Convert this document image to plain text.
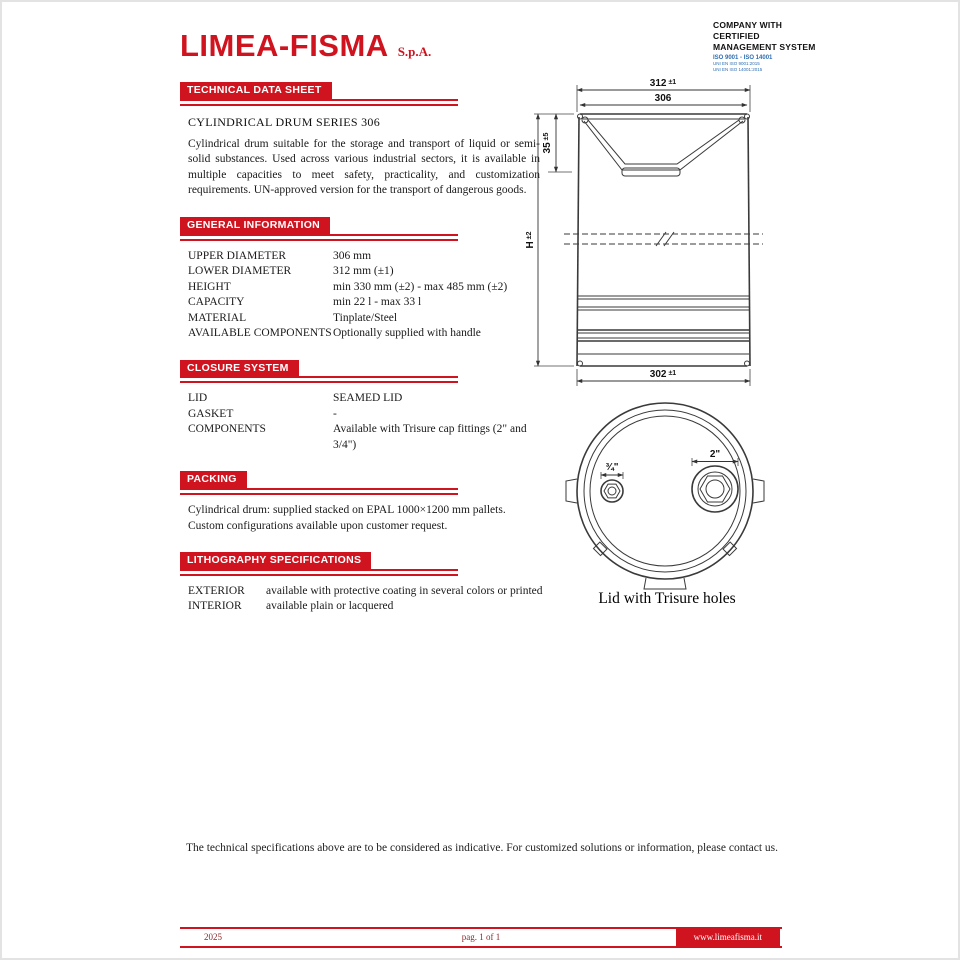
LIMEA-FISMA S.p.A.
COMPANY WITH
CERTIFIED
MANAGEMENT SYSTEM
ISO 9001 - ISO 14001
UNI EN ISO 9001:2015
UNI EN ISO 14001:2015
TECHNICAL DATA SHEET
CYLINDRICAL DRUM SERIES 306
Cylindrical drum suitable for the storage and transport of liquid or semi-solid substances. Used across various industrial sectors, it is available in multiple capacities to meet safety, practicality, and customization requirements. UN-approved version for the transport of dangerous goods.
GENERAL INFORMATION
UPPER DIAMETER	306 mm
LOWER DIAMETER	312 mm (±1)
HEIGHT	min 330 mm (±2) - max 485 mm (±2)
CAPACITY	min 22 l - max 33 l
MATERIAL	Tinplate/Steel
AVAILABLE COMPONENTS Optionally supplied with handle
CLOSURE SYSTEM
LID	SEAMED LID
GASKET	-
COMPONENTS	Available with Trisure cap fittings (2" and 3/4")
PACKING
Cylindrical drum: supplied stacked on EPAL 1000×1200 mm pallets. Custom configurations available upon customer request.
LITHOGRAPHY SPECIFICATIONS
EXTERIOR	available with protective coating in several colors or printed
INTERIOR	available plain or lacquered
312 $^{\pm 1}$
306
302 $^{\pm 1}$
$35^{\pm 5}$
$H^{\pm 2}$
2"
¾"
Lid with Trisure holes
The technical specifications above are to be considered as indicative. For customized solutions or information, please contact us.
2025	pag. 1 of 1	www.limeafisma.it
